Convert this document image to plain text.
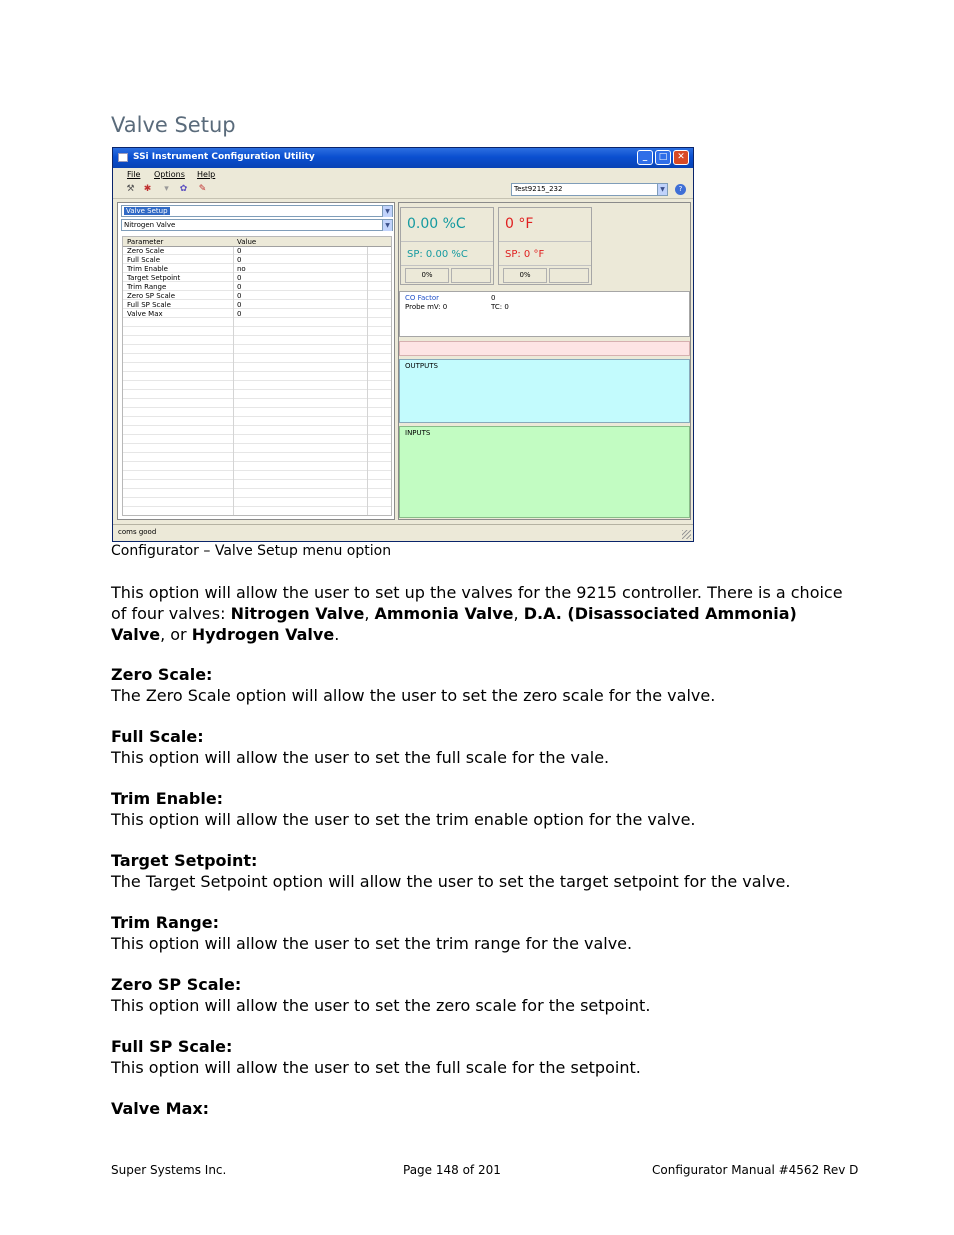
Valve Setup
SSi Instrument Configuration Utility	_	□	✕
File Options Help
⚒ ✱	▾	✿ ✎	Test9215_232	▼	?
Valve Setup	▼
Nitrogen Valve	▼
Parameter	Value
Zero Scale	0
Full Scale	0
Trim Enable	no
Target Setpoint	0
Trim Range	0
Zero SP Scale	0
Full SP Scale	0
Valve Max	0
0.00 %C
SP: 0.00 %C
0%
0 °F
SP: 0 °F
0%
CO Factor	0
Probe mV: 0	TC: 0
OUTPUTS
INPUTS
coms good
Configurator – Valve Setup menu option
This option will allow the user to set up the valves for the 9215 controller. There is a choice of four valves: Nitrogen Valve, Ammonia Valve, D.A. (Disassociated Ammonia) Valve, or Hydrogen Valve.
Zero Scale:
The Zero Scale option will allow the user to set the zero scale for the valve.
Full Scale:
This option will allow the user to set the full scale for the vale.
Trim Enable:
This option will allow the user to set the trim enable option for the valve.
Target Setpoint:
The Target Setpoint option will allow the user to set the target setpoint for the valve.
Trim Range:
This option will allow the user to set the trim range for the valve.
Zero SP Scale:
This option will allow the user to set the zero scale for the setpoint.
Full SP Scale:
This option will allow the user to set the full scale for the setpoint.
Valve Max:
Super Systems Inc.	Page 148 of 201	Configurator Manual #4562 Rev D
